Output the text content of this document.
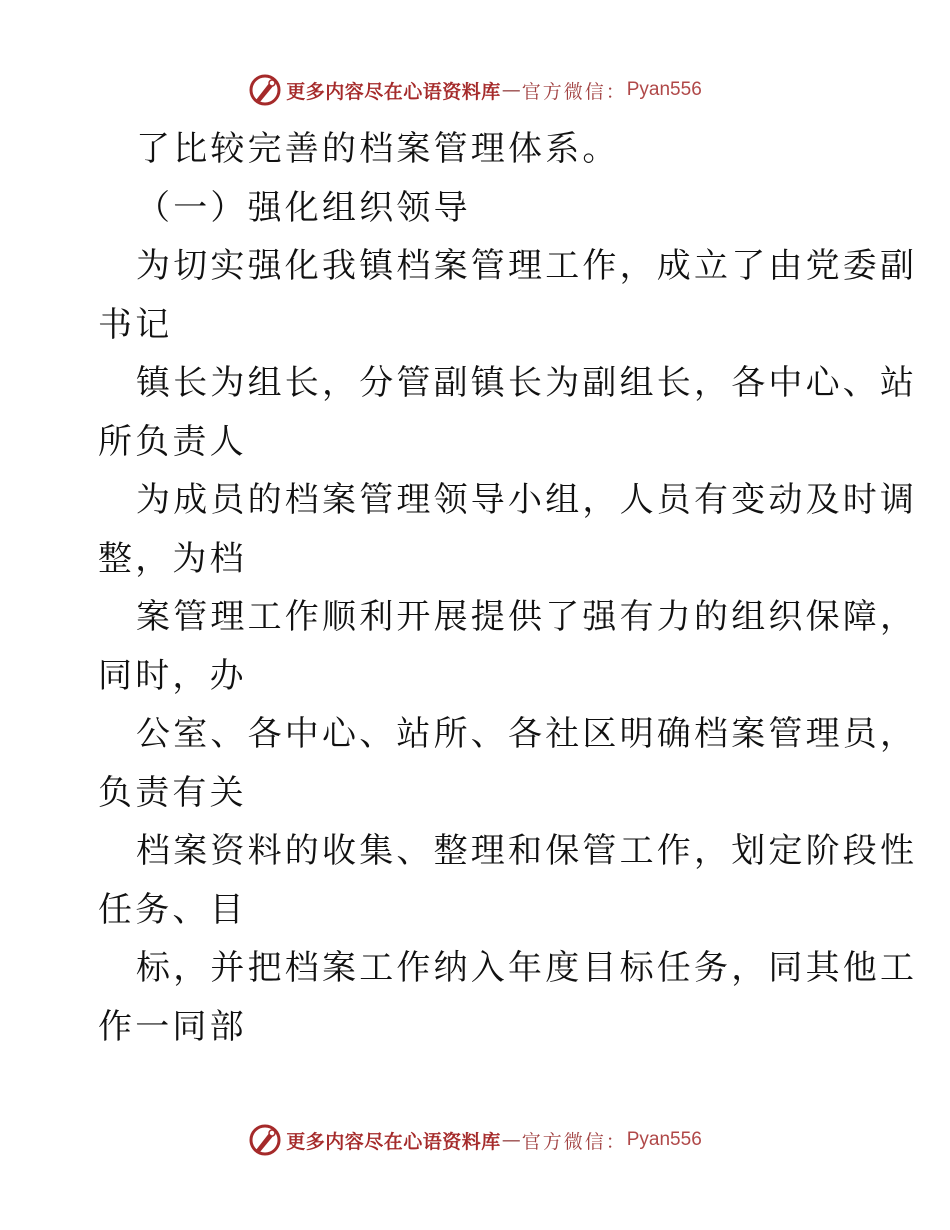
更多内容尽在心语资料库 — 官方微信： Pyan556
了比较完善的档案管理体系。
（一）强化组织领导
为切实强化我镇档案管理工作，成立了由党委副
书记
镇长为组长，分管副镇长为副组长，各中心、站
所负责人
为成员的档案管理领导小组，人员有变动及时调
整，为档
案管理工作顺利开展提供了强有力的组织保障，
同时，办
公室、各中心、站所、各社区明确档案管理员，
负责有关
档案资料的收集、整理和保管工作，划定阶段性
任务、目
标，并把档案工作纳入年度目标任务，同其他工
作一同部
更多内容尽在心语资料库 — 官方微信： Pyan556
